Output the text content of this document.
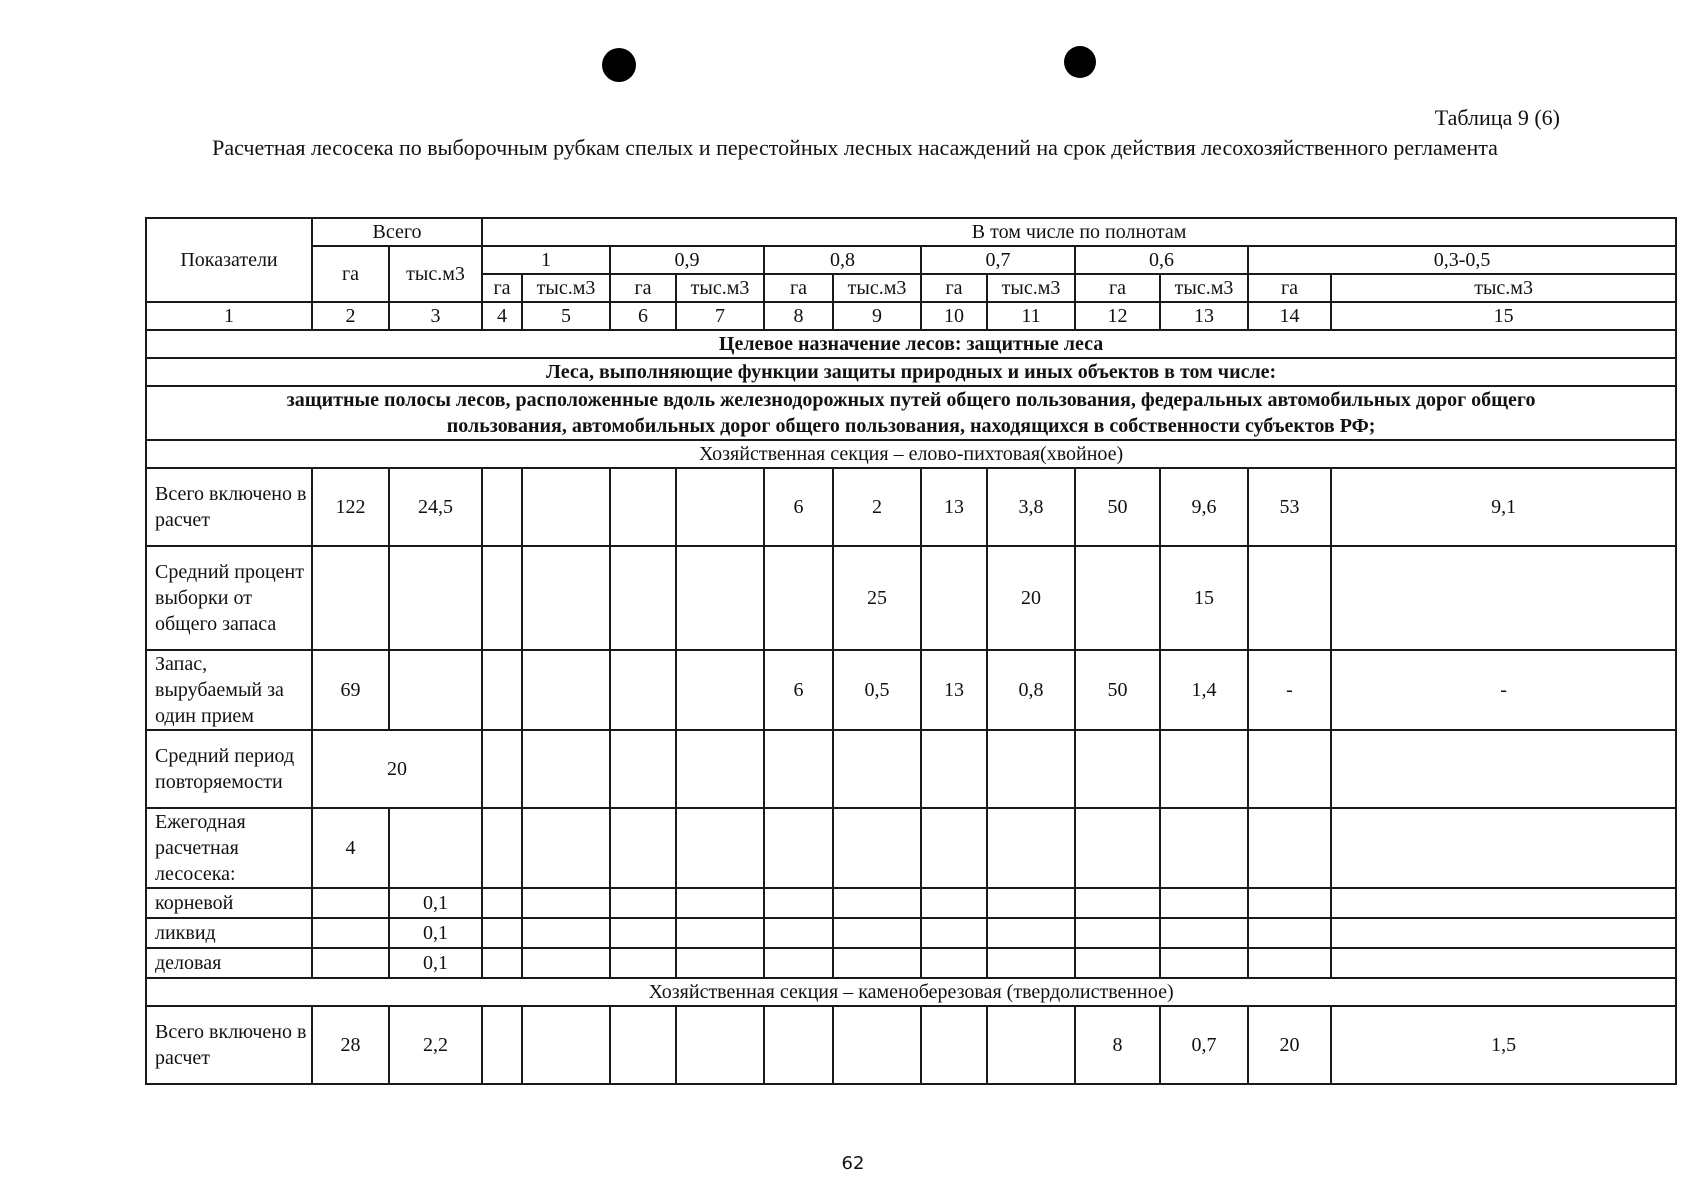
Таблица 9 (6)
Расчетная лесосека по выборочным рубкам спелых и перестойных лесных насаждений на срок действия лесохозяйственного регламента
Показатели	Всего		В том числе по полнотам											
	га	тыс.м3	1		0,9		0,8		0,7		0,6		0,3-0,5	
			га	тыс.м3	га	тыс.м3	га	тыс.м3	га	тыс.м3	га	тыс.м3	га	тыс.м3
1	2	3	4	5	6	7	8	9	10	11	12	13	14	15
Целевое назначение лесов: защитные леса														
Леса, выполняющие функции защиты природных и иных объектов в том числе:														
защитные полосы лесов, расположенные вдоль железнодорожных путей общего пользования, федеральных автомобильных дорог общего пользования, автомобильных дорог общего пользования, находящихся в собственности субъектов РФ;														
Хозяйственная секция – елово-пихтовая(хвойное)														
Всего включено в расчет	122	24,5					6	2	13	3,8	50	9,6	53	9,1
Средний процент выборки от общего запаса								25		20		15		
Запас, вырубаемый за один прием	69						6	0,5	13	0,8	50	1,4	-	-
Средний период повторяемости	20													
Ежегодная расчетная лесосека:	4													
корневой		0,1												
ликвид		0,1												
деловая		0,1												
Хозяйственная секция – каменоберезовая (твердолиственное)														
Всего включено в расчет	28	2,2									8	0,7	20	1,5
62
